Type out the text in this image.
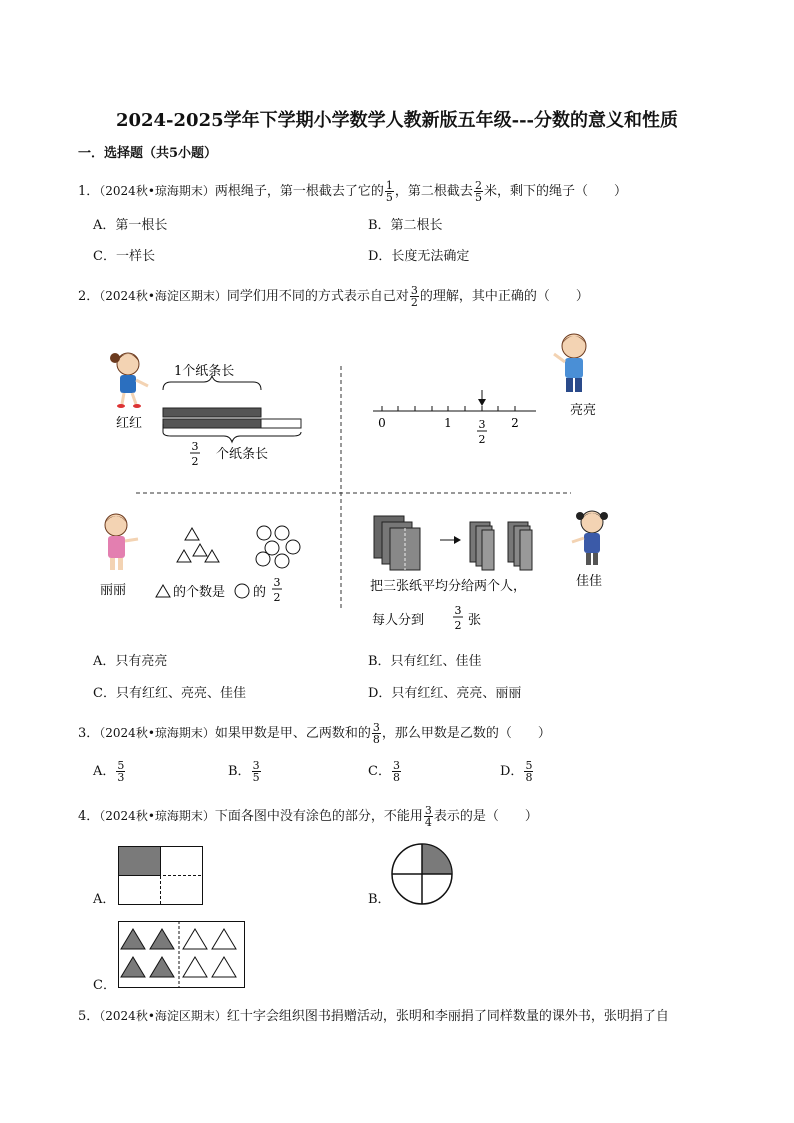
2024-2025学年下学期小学数学人教新版五年级---分数的意义和性质
一．选择题（共5小题）
1．（2024秋•琼海期末）两根绳子，第一根截去了它的 $\frac{1}{5}$ ，第二根截去 $\frac{2}{5}$ 米，剩下的绳子（　　）
A．第一根长	B．第二根长
C．一样长	D．长度无法确定
2．（2024秋•海淀区期末）同学们用不同的方式表示自己对 $\frac{3}{2}$ 的理解，其中正确的（　　）
红红
1个纸条长
3
2 个纸条长
0	1	2
3
2
亮亮
丽丽	的个数是 的
3
2
把三张纸平均分给两个人，
每人分到
3
2 张
佳佳
A．只有亮亮	B．只有红红、佳佳
C．只有红红、亮亮、佳佳	D．只有红红、亮亮、丽丽
3．（2024秋•琼海期末）如果甲数是甲、乙两数和的 $\frac{3}{8}$ ，那么甲数是乙数的（　　）
A． $\frac{5}{3}$	B． $\frac{3}{5}$	C． $\frac{3}{8}$	D． $\frac{5}{8}$
4．（2024秋•琼海期末）下面各图中没有涂色的部分，不能用 $\frac{3}{4}$ 表示的是（　　）
A．	B．
C．
5．（2024秋•海淀区期末）红十字会组织图书捐赠活动，张明和李丽捐了同样数量的课外书，张明捐了自
